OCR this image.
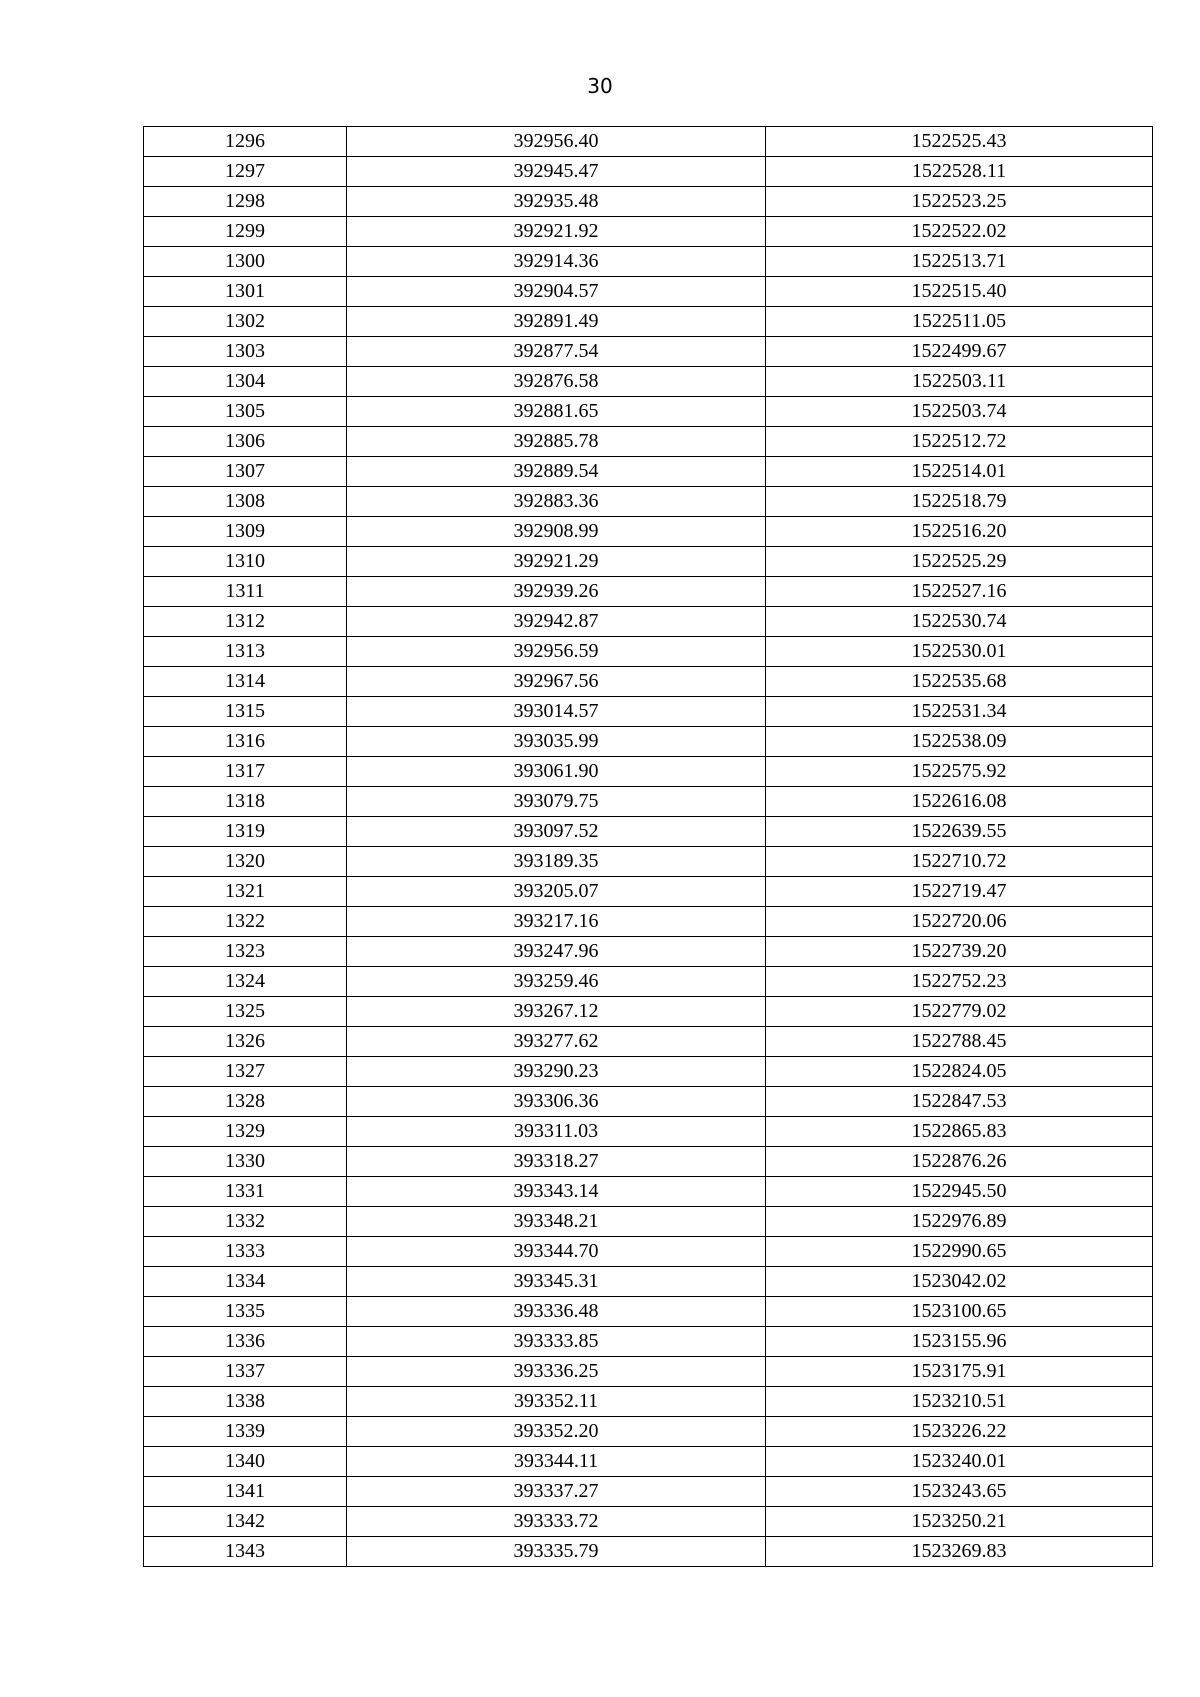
30
1296	392956.40	1522525.43
1297	392945.47	1522528.11
1298	392935.48	1522523.25
1299	392921.92	1522522.02
1300	392914.36	1522513.71
1301	392904.57	1522515.40
1302	392891.49	1522511.05
1303	392877.54	1522499.67
1304	392876.58	1522503.11
1305	392881.65	1522503.74
1306	392885.78	1522512.72
1307	392889.54	1522514.01
1308	392883.36	1522518.79
1309	392908.99	1522516.20
1310	392921.29	1522525.29
1311	392939.26	1522527.16
1312	392942.87	1522530.74
1313	392956.59	1522530.01
1314	392967.56	1522535.68
1315	393014.57	1522531.34
1316	393035.99	1522538.09
1317	393061.90	1522575.92
1318	393079.75	1522616.08
1319	393097.52	1522639.55
1320	393189.35	1522710.72
1321	393205.07	1522719.47
1322	393217.16	1522720.06
1323	393247.96	1522739.20
1324	393259.46	1522752.23
1325	393267.12	1522779.02
1326	393277.62	1522788.45
1327	393290.23	1522824.05
1328	393306.36	1522847.53
1329	393311.03	1522865.83
1330	393318.27	1522876.26
1331	393343.14	1522945.50
1332	393348.21	1522976.89
1333	393344.70	1522990.65
1334	393345.31	1523042.02
1335	393336.48	1523100.65
1336	393333.85	1523155.96
1337	393336.25	1523175.91
1338	393352.11	1523210.51
1339	393352.20	1523226.22
1340	393344.11	1523240.01
1341	393337.27	1523243.65
1342	393333.72	1523250.21
1343	393335.79	1523269.83
